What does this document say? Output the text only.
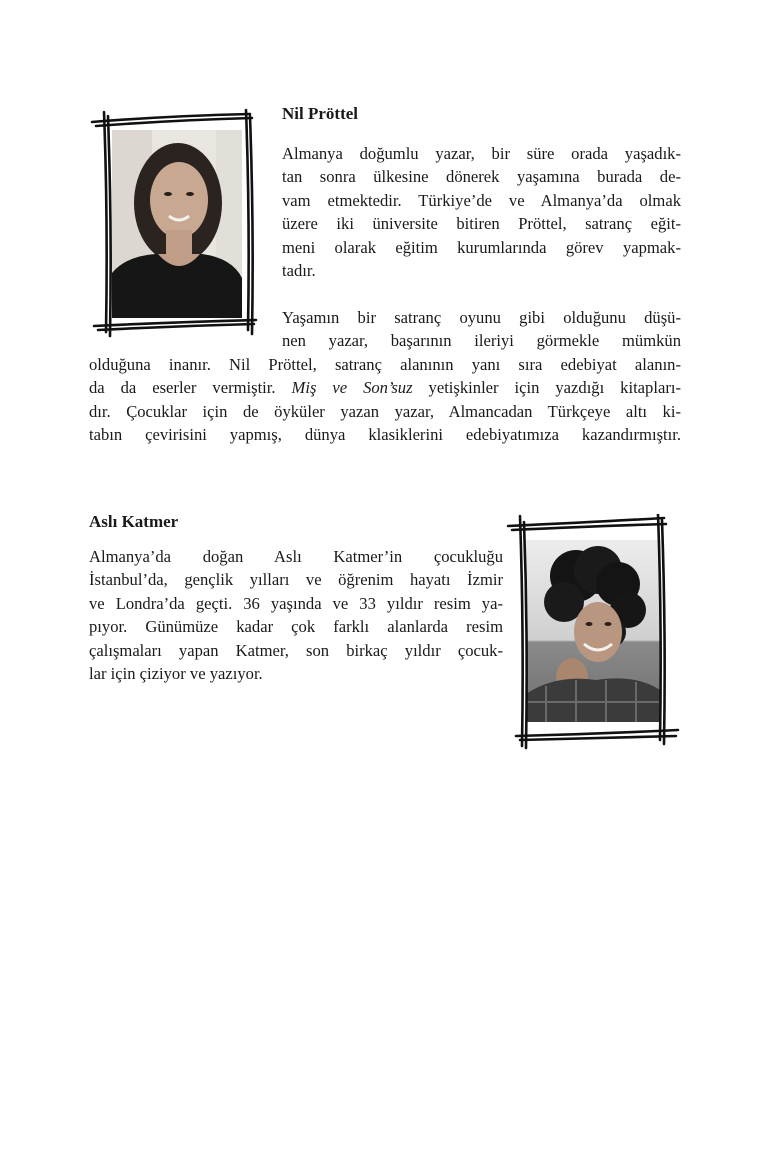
Nil Pröttel
Almanya doğumlu yazar, bir süre orada yaşadık-
tan sonra ülkesine dönerek yaşamına burada de-
vam etmektedir. Türkiye’de ve Almanya’da olmak
üzere iki üniversite bitiren Pröttel, satranç eğit-
meni olarak eğitim kurumlarında görev yapmak-
tadır.
Yaşamın bir satranç oyunu gibi olduğunu düşü-
nen yazar, başarının ileriyi görmekle mümkün
olduğuna inanır. Nil Pröttel, satranç alanının yanı sıra edebiyat alanın-
da da eserler vermiştir. Miş ve Son’suz yetişkinler için yazdığı kitapları-
dır. Çocuklar için de öyküler yazan yazar, Almancadan Türkçeye altı ki-
tabın çevirisini yapmış, dünya klasiklerini edebiyatımıza kazandırmıştır.
Aslı Katmer
Almanya’da doğan Aslı Katmer’in çocukluğu
İstanbul’da, gençlik yılları ve öğrenim hayatı İzmir
ve Londra’da geçti. 36 yaşında ve 33 yıldır resim ya-
pıyor. Günümüze kadar çok farklı alanlarda resim
çalışmaları yapan Katmer, son birkaç yıldır çocuk-
lar için çiziyor ve yazıyor.
